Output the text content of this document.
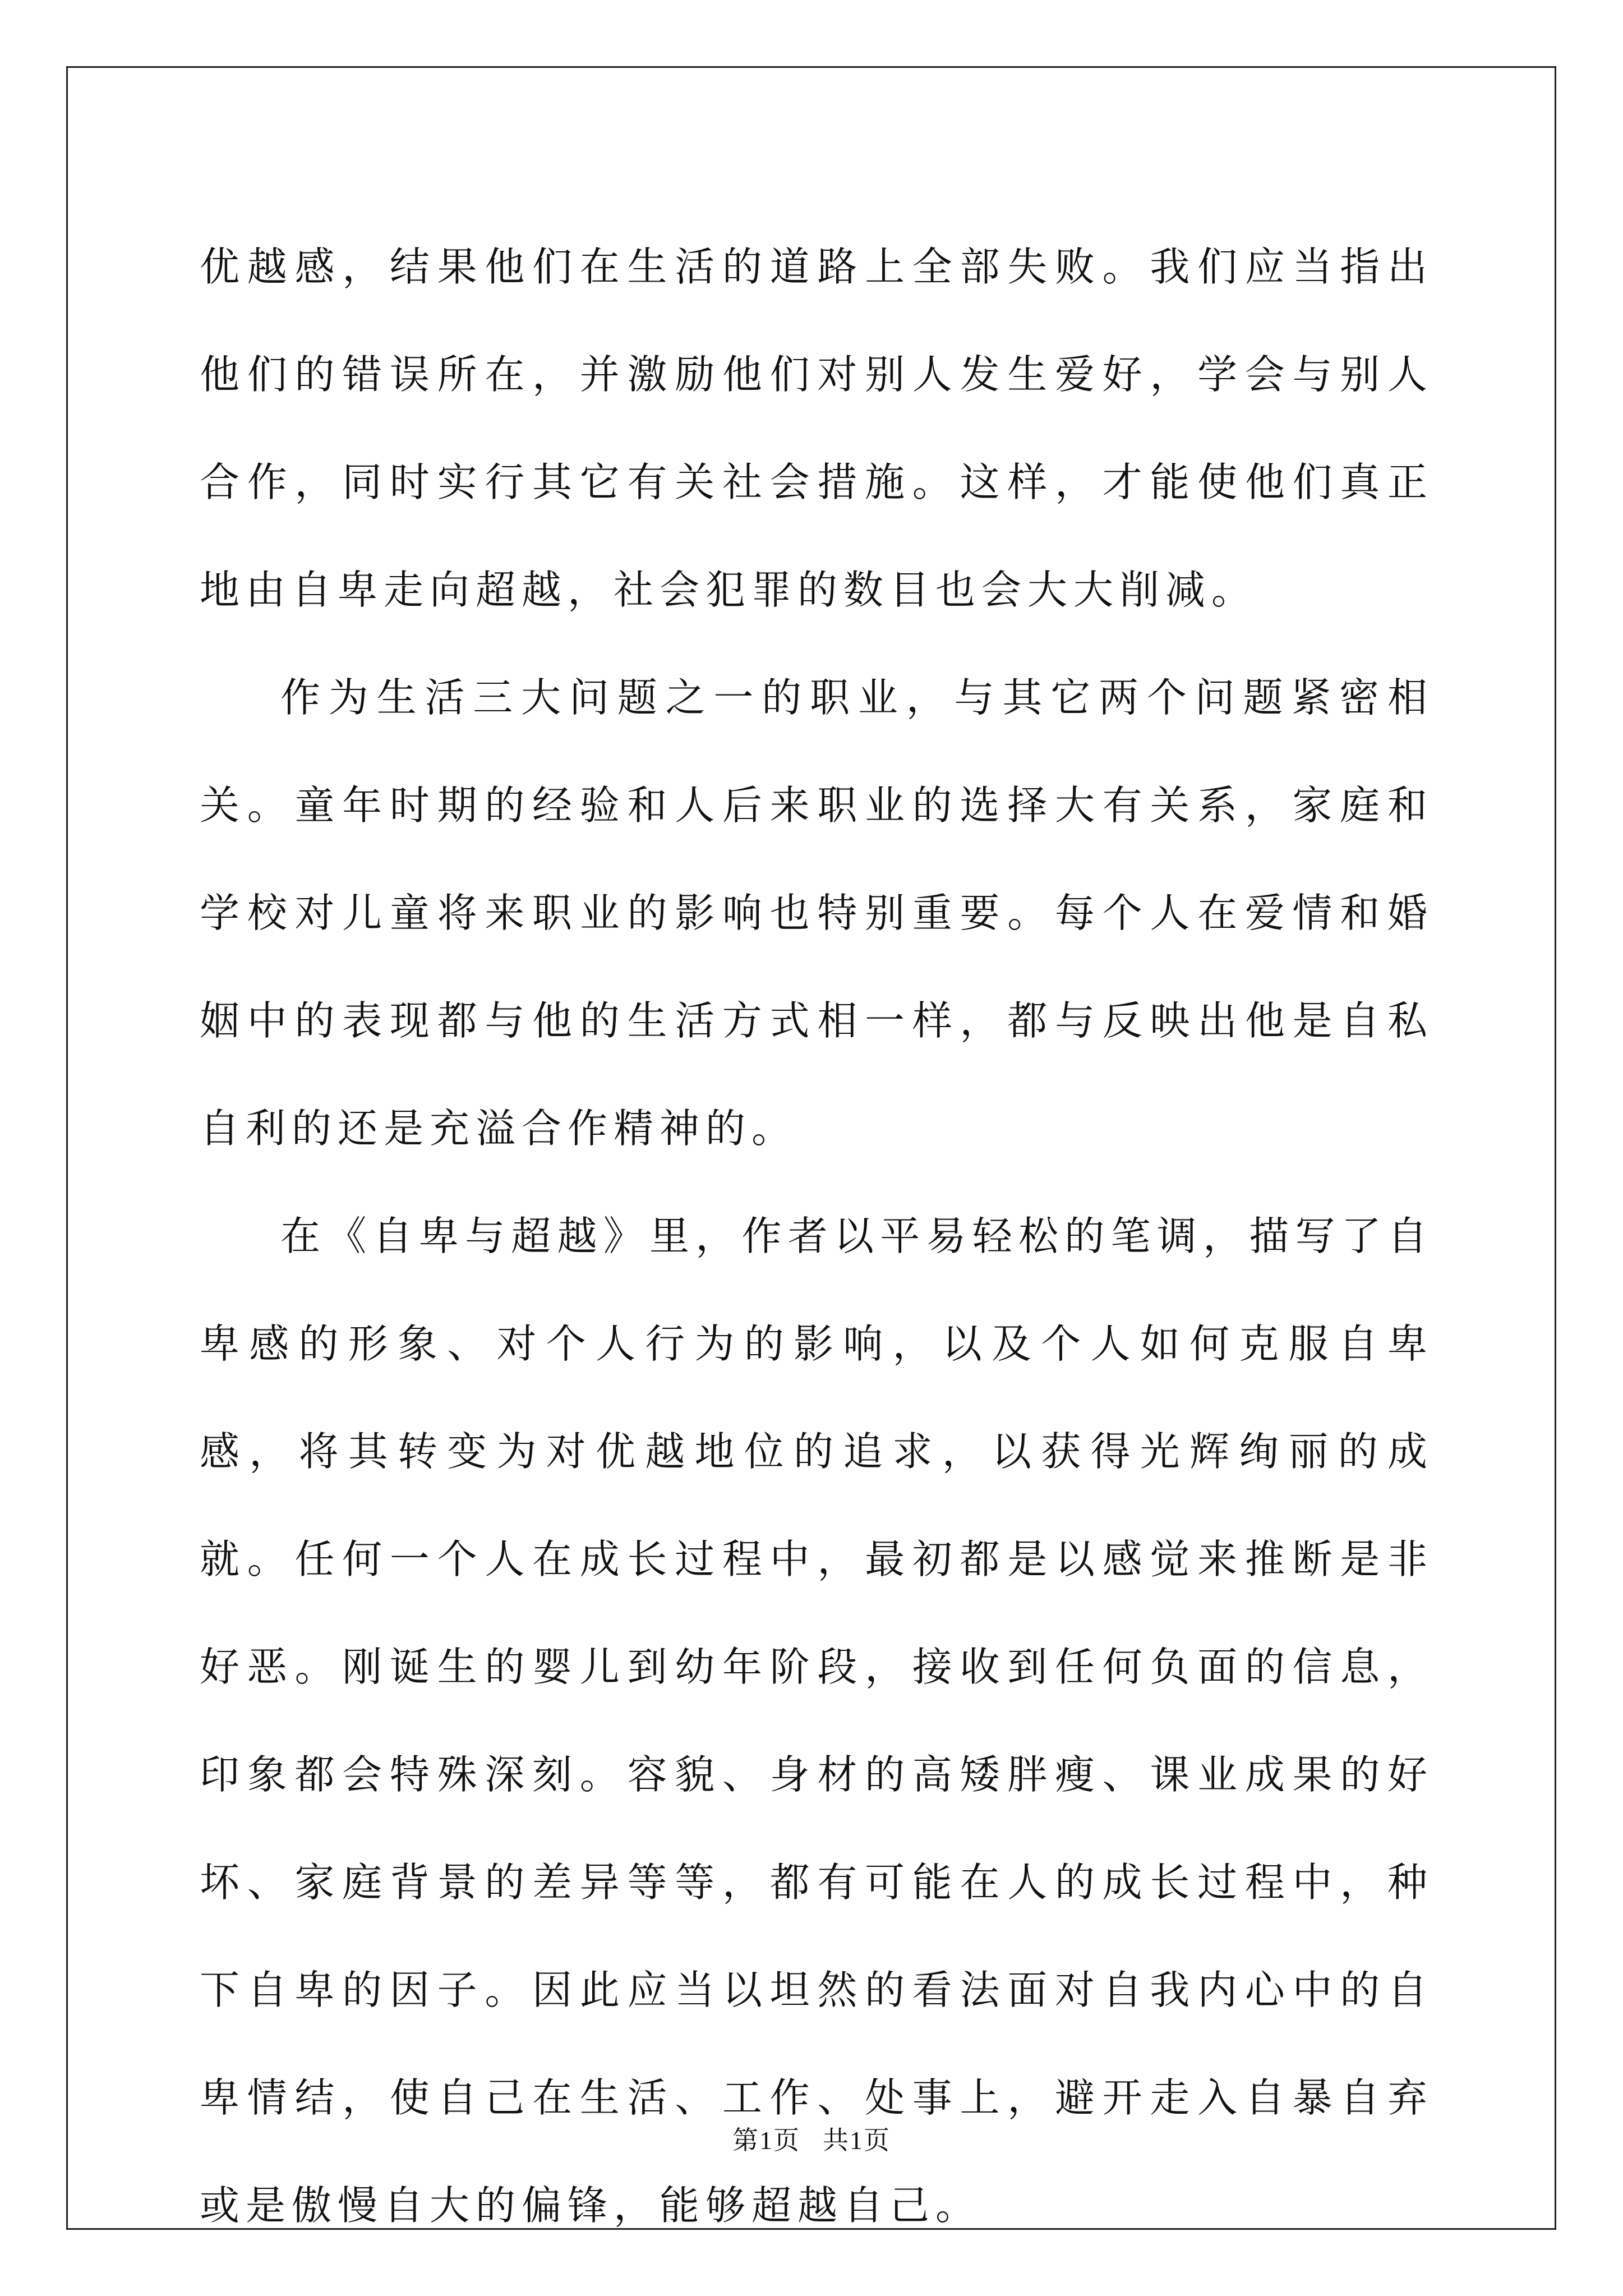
优越感，结果他们在生活的道路上全部失败。我们应当指出他们的错误所在，并激励他们对别人发生爱好，学会与别人合作，同时实行其它有关社会措施。这样，才能使他们真正地由自卑走向超越，社会犯罪的数目也会大大削减。

作为生活三大问题之一的职业，与其它两个问题紧密相关。童年时期的经验和人后来职业的选择大有关系，家庭和学校对儿童将来职业的影响也特别重要。每个人在爱情和婚姻中的表现都与他的生活方式相一样，都与反映出他是自私自利的还是充溢合作精神的。

在《自卑与超越》里，作者以平易轻松的笔调，描写了自卑感的形象、对个人行为的影响，以及个人如何克服自卑感，将其转变为对优越地位的追求，以获得光辉绚丽的成就。任何一个人在成长过程中，最初都是以感觉来推断是非好恶。刚诞生的婴儿到幼年阶段，接收到任何负面的信息，印象都会特殊深刻。容貌、身材的高矮胖瘦、课业成果的好坏、家庭背景的差异等等，都有可能在人的成长过程中，种下自卑的因子。因此应当以坦然的看法面对自我内心中的自卑情结，使自己在生活、工作、处事上，避开走入自暴自弃或是傲慢自大的偏锋，能够超越自己。

第1页 共1页
